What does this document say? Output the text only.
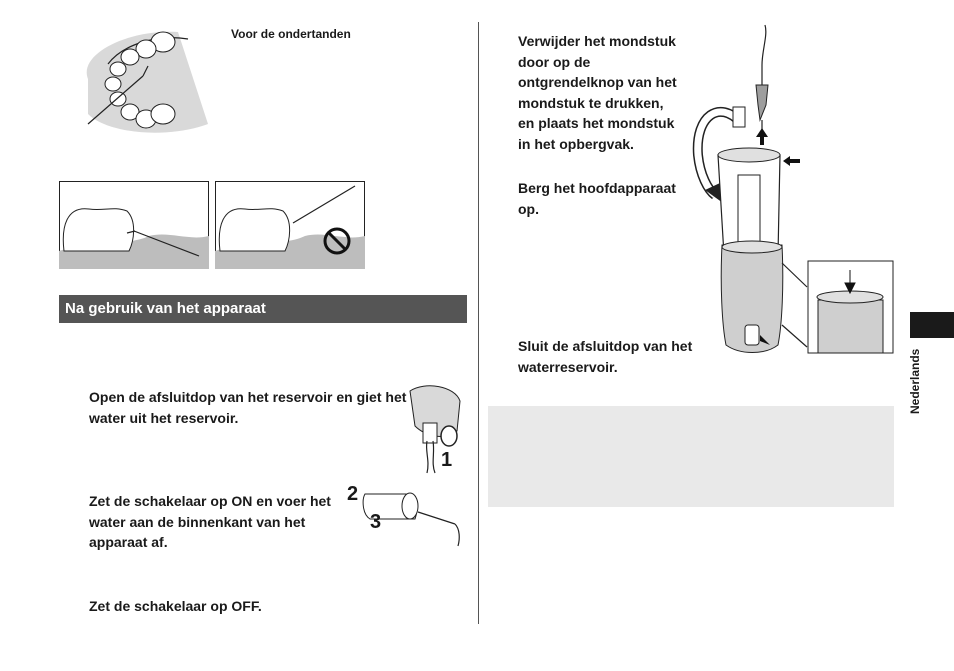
Voor de ondertanden
Na gebruik van het apparaat
Open de afsluitdop van het reservoir en giet het water uit het reservoir.
1
Zet de schakelaar op ON en voer het water aan de binnenkant van het apparaat af.
2
3
Zet de schakelaar op OFF.
Verwijder het mondstuk door op de ontgrendelknop van het mondstuk te drukken, en plaats het mondstuk in het opbergvak.
Berg het hoofdapparaat op.
Sluit de afsluitdop van het waterreservoir.	Nederlands
